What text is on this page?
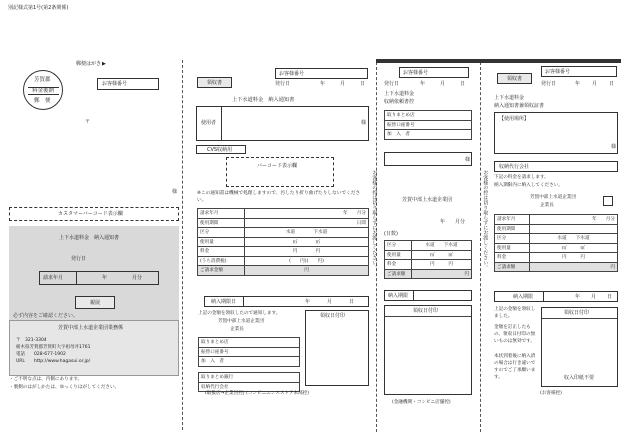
別記様式第1号(第2条関係)
郵便はがき ▶
芳賀郡
料金後納
郵　便
お客様番号
〒
様
カスタマーバーコード表示欄
上下水道料金　納入通知書
発行日
請求年月	年	月分
親展
必ず内容をご確認ください。
芳賀中部上水道企業団業務係
〒　321-3304
栃木県芳賀郡芳賀町大字祖母井1761
電話　　028-677-1902
URL　　http://www.hagasui.or.jp/
・ご不明な点は、内側にあります。
・裏側のはがしかたは、ゆっくりはがしてください。
領収書
お客様番号
発行日	年	月	日
上下水道料金　納入通知書
使用者	様
CVS収納用
バーコード表示欄
※この通知書は機械で処理しますので、汚したり折り曲げたりしないでください。
請求年月	年　　月分
使用期間	日間
区分	水道　　　　下水道
使用量	㎥　　　　㎥
料金	円　　　　円
(うち消費税)	(　　円)(　　円)
ご請求金額	円
納入期限日	年	月	日
上記の金額を領収したので通知します。
芳賀中部上水道企業団
企業長
領収日付印
取りまとめ店
振替口座番号
加　入　者
取りまとめ銀行
収納代行会社
(取扱店→企業団控) (コンビニエンスストア本部控)
お客様番号
発行日	年	月	日
上下水道料金
収納依頼書控
取りまとめ店
振替口座番号
加　入　者
様
お客様の控は切り取らずにお渡しください。	芳賀中部上水道企業団
年　　月分
(日数)
区分	水道　　下水道
使用量	㎥　　　㎥
料金	円　　　円
ご請求額	円
納入期限
領収日付印
(金融機関・コンビニ店舗控)
領収書
お客様番号
発行日	年 月 日
上下水道料金
納入通知書兼領収証書
【使用場所】
様
収納代行会社
下記の料金を請求します。
納入期限内に納入してください。
お客様の控は切り取らずにお渡しください。	芳賀中部上水道企業団
企業長
請求年月	年　　月分
使用期間	
区分	水道　　下水道
使用量	㎥　　　㎥
料金	円　　　円
ご請求額	円
納入期限	年 月 日
上記の金額を領収しました。
金額を訂正したもの、領収日付印の無いものは無効です。
本状到着後に納入済の場合は行き違いですのでご了承願います。
領収日付印
収入印紙不要
(お客様控)
